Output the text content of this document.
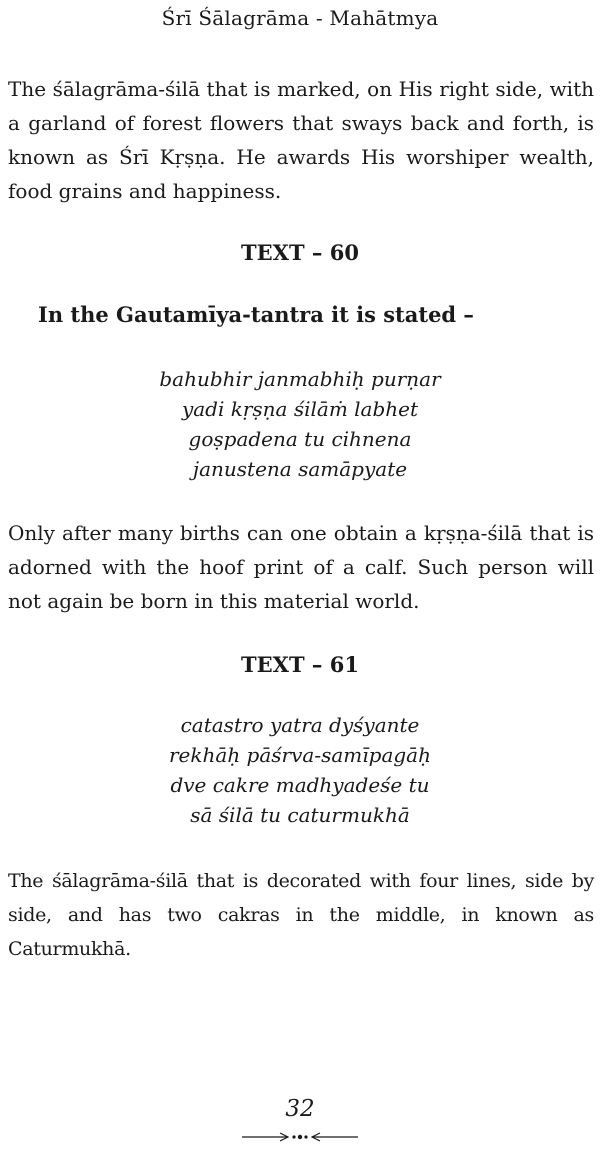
Śrī Śālagrāma - Mahātmya

The śālagrāma-śilā that is marked, on His right side, with a garland of forest flowers that sways back and forth, is known as Śrī Kṛṣṇa. He awards His worshiper wealth, food grains and happiness.

TEXT – 60
In the Gautamīya-tantra it is stated –

bahubhir janmabhiḥ purṇar
yadi kṛṣṇa śilāṁ labhet
goṣpadena tu cihnena
janustena samāpyate

Only after many births can one obtain a kṛṣṇa-śilā that is adorned with the hoof print of a calf. Such person will not again be born in this material world.

TEXT – 61

catastro yatra dyśyante
rekhāḥ pāśrva-samīpagāḥ
dve cakre madhyadeśe tu
sā śilā tu caturmukhā

The śālagrāma-śilā that is decorated with four lines, side by side, and has two cakras in the middle, in known as Caturmukhā.

32
